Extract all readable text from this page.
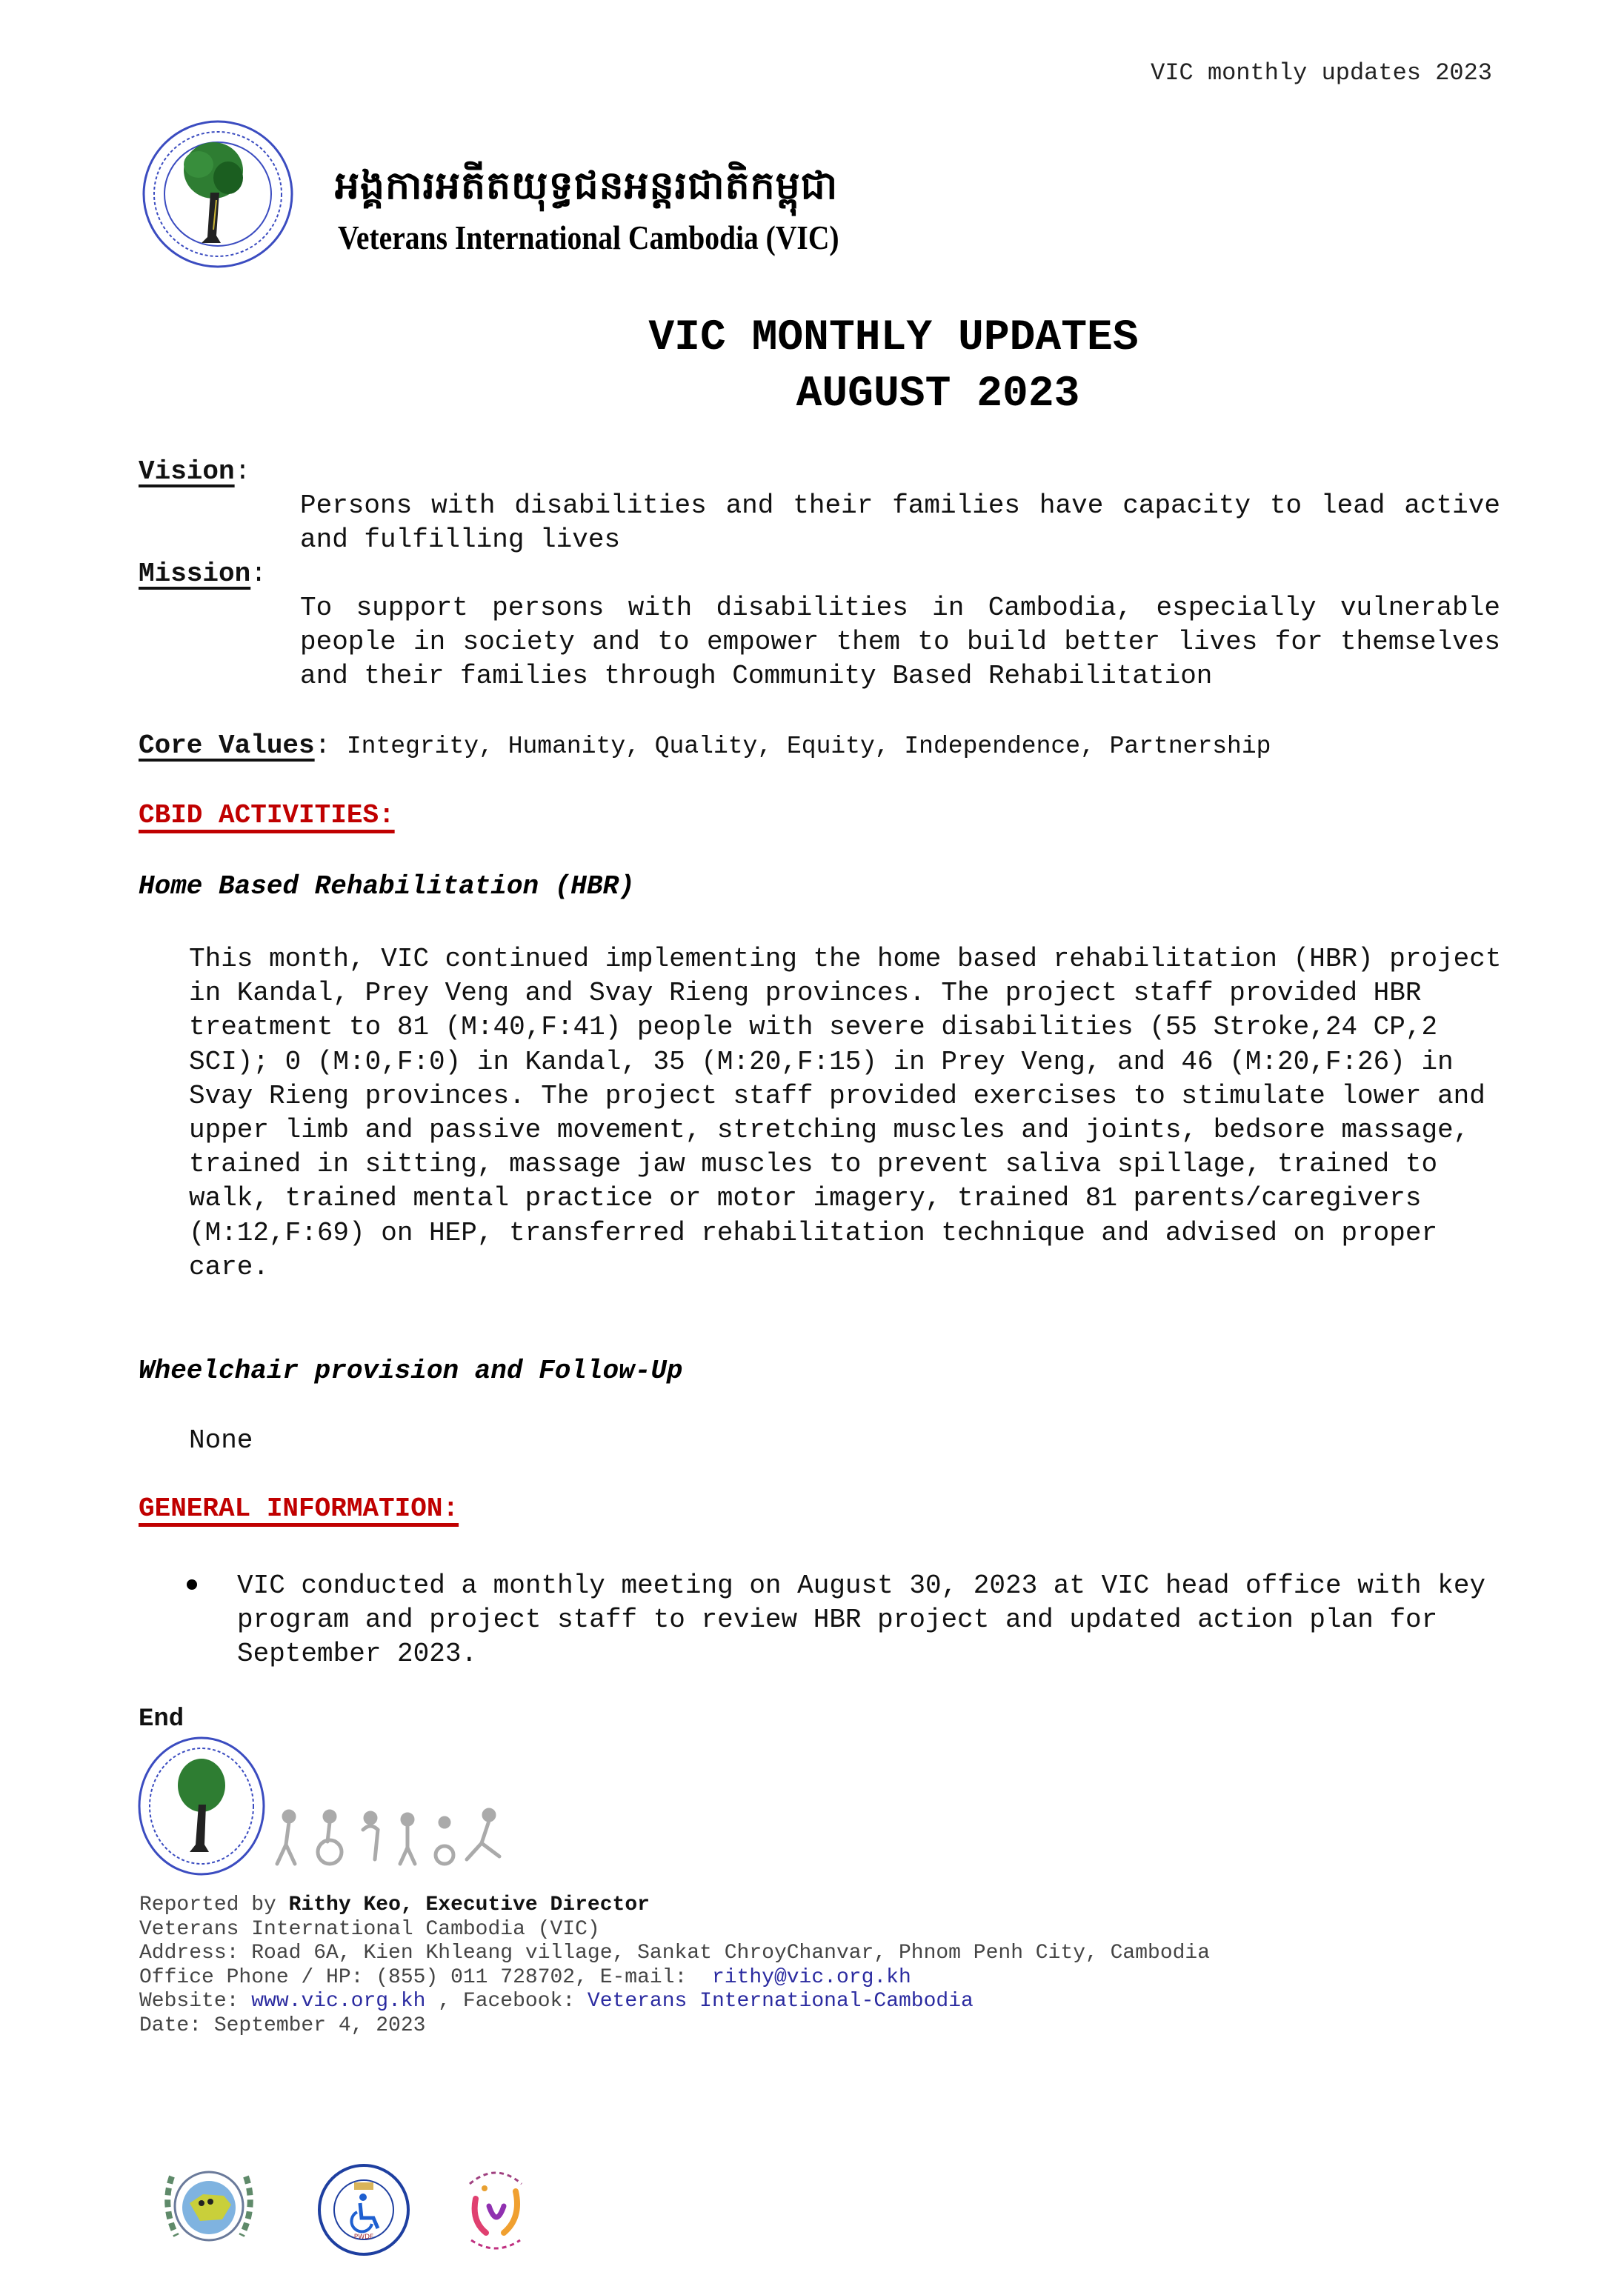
VIC monthly updates 2023
អង្គការអតីតយុទ្ធជនអន្តរជាតិកម្ពុជា
Veterans International Cambodia (VIC)
VIC MONTHLY UPDATES
AUGUST 2023
Vision:
Persons with disabilities and their families have capacity to lead active and fulfilling lives
Mission:
To support persons with disabilities in Cambodia, especially vulnerable people in society and to empower them to build better lives for themselves and their families through Community Based Rehabilitation
Core Values: Integrity, Humanity, Quality, Equity, Independence, Partnership
CBID ACTIVITIES:
Home Based Rehabilitation (HBR)
This month, VIC continued implementing the home based rehabilitation (HBR) project in Kandal, Prey Veng and Svay Rieng provinces. The project staff provided HBR treatment to 81 (M:40,F:41) people with severe disabilities (55 Stroke,24 CP,2 SCI); 0 (M:0,F:0) in Kandal, 35 (M:20,F:15) in Prey Veng, and 46 (M:20,F:26) in Svay Rieng provinces. The project staff provided exercises to stimulate lower and upper limb and passive movement, stretching muscles and joints, bedsore massage, trained in sitting, massage jaw muscles to prevent saliva spillage, trained to walk, trained mental practice or motor imagery, trained 81 parents/caregivers (M:12,F:69) on HEP, transferred rehabilitation technique and advised on proper care.
Wheelchair provision and Follow-Up
None
GENERAL INFORMATION:
VIC conducted a monthly meeting on August 30, 2023 at VIC head office with key program and project staff to review HBR project and updated action plan for September 2023.
End
Reported by Rithy Keo, Executive Director
Veterans International Cambodia (VIC)
Address: Road 6A, Kien Khleang village, Sankat ChroyChanvar, Phnom Penh City, Cambodia
Office Phone / HP: (855) 011 728702, E-mail:  rithy@vic.org.kh
Website: www.vic.org.kh , Facebook: Veterans International-Cambodia
Date: September 4, 2023
PWDF
